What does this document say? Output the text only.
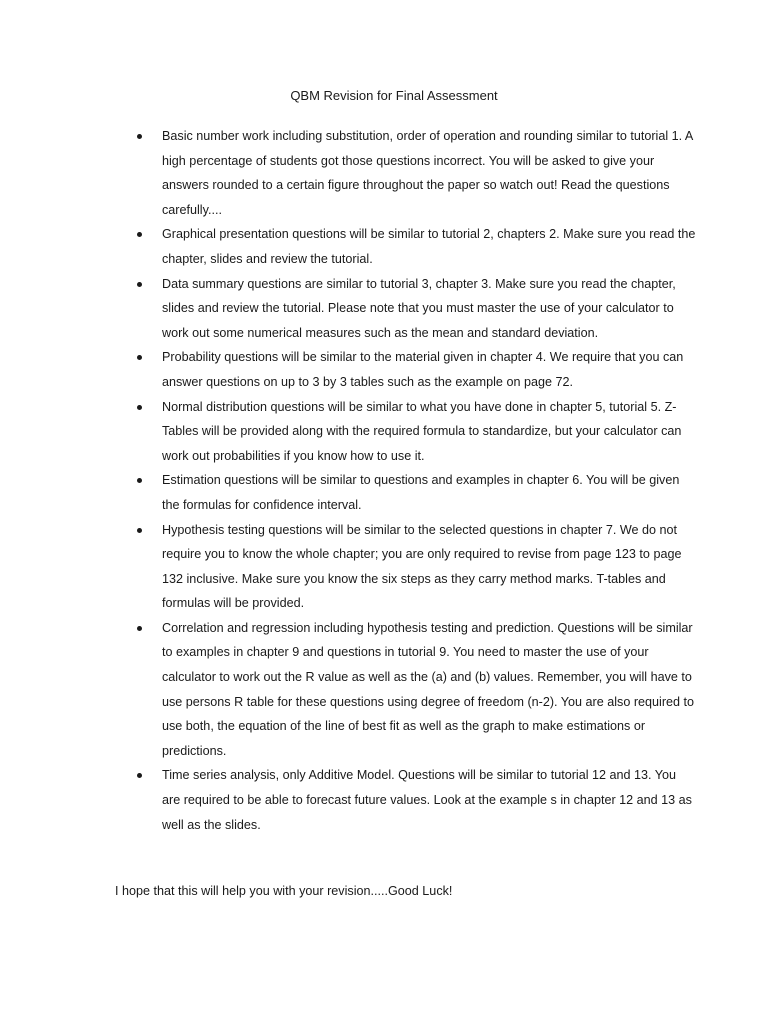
QBM Revision for Final Assessment
Basic number work including substitution, order of operation and rounding similar to tutorial 1. A high percentage of students got those questions incorrect. You will be asked to give your answers rounded to a certain figure throughout the paper so watch out! Read the questions carefully....
Graphical presentation questions will be similar to tutorial 2, chapters 2. Make sure you read the chapter, slides and review the tutorial.
Data summary questions are similar to tutorial 3, chapter 3. Make sure you read the chapter, slides and review the tutorial. Please note that you must master the use of your calculator to work out some numerical measures such as the mean and standard deviation.
Probability questions will be similar to the material given in chapter 4. We require that you can answer questions on up to 3 by 3 tables such as the example on page 72.
Normal distribution questions will be similar to what you have done in chapter 5, tutorial 5. Z-Tables will be provided along with the required formula to standardize, but your calculator can work out probabilities if you know how to use it.
Estimation questions will be similar to questions and examples in chapter 6. You will be given the formulas for confidence interval.
Hypothesis testing questions will be similar to the selected questions in chapter 7. We do not require you to know the whole chapter; you are only required to revise from page 123 to page 132 inclusive. Make sure you know the six steps as they carry method marks. T-tables and formulas will be provided.
Correlation and regression including hypothesis testing and prediction. Questions will be similar to examples in chapter 9 and questions in tutorial 9. You need to master the use of your calculator to work out the R value as well as the (a) and (b) values. Remember, you will have to use persons R table for these questions using degree of freedom (n-2). You are also required to use both, the equation of the line of best fit as well as the graph to make estimations or predictions.
Time series analysis, only Additive Model. Questions will be similar to tutorial 12 and 13. You are required to be able to forecast future values. Look at the example s in chapter 12 and 13 as well as the slides.

I hope that this will help you with your revision.....Good Luck!
